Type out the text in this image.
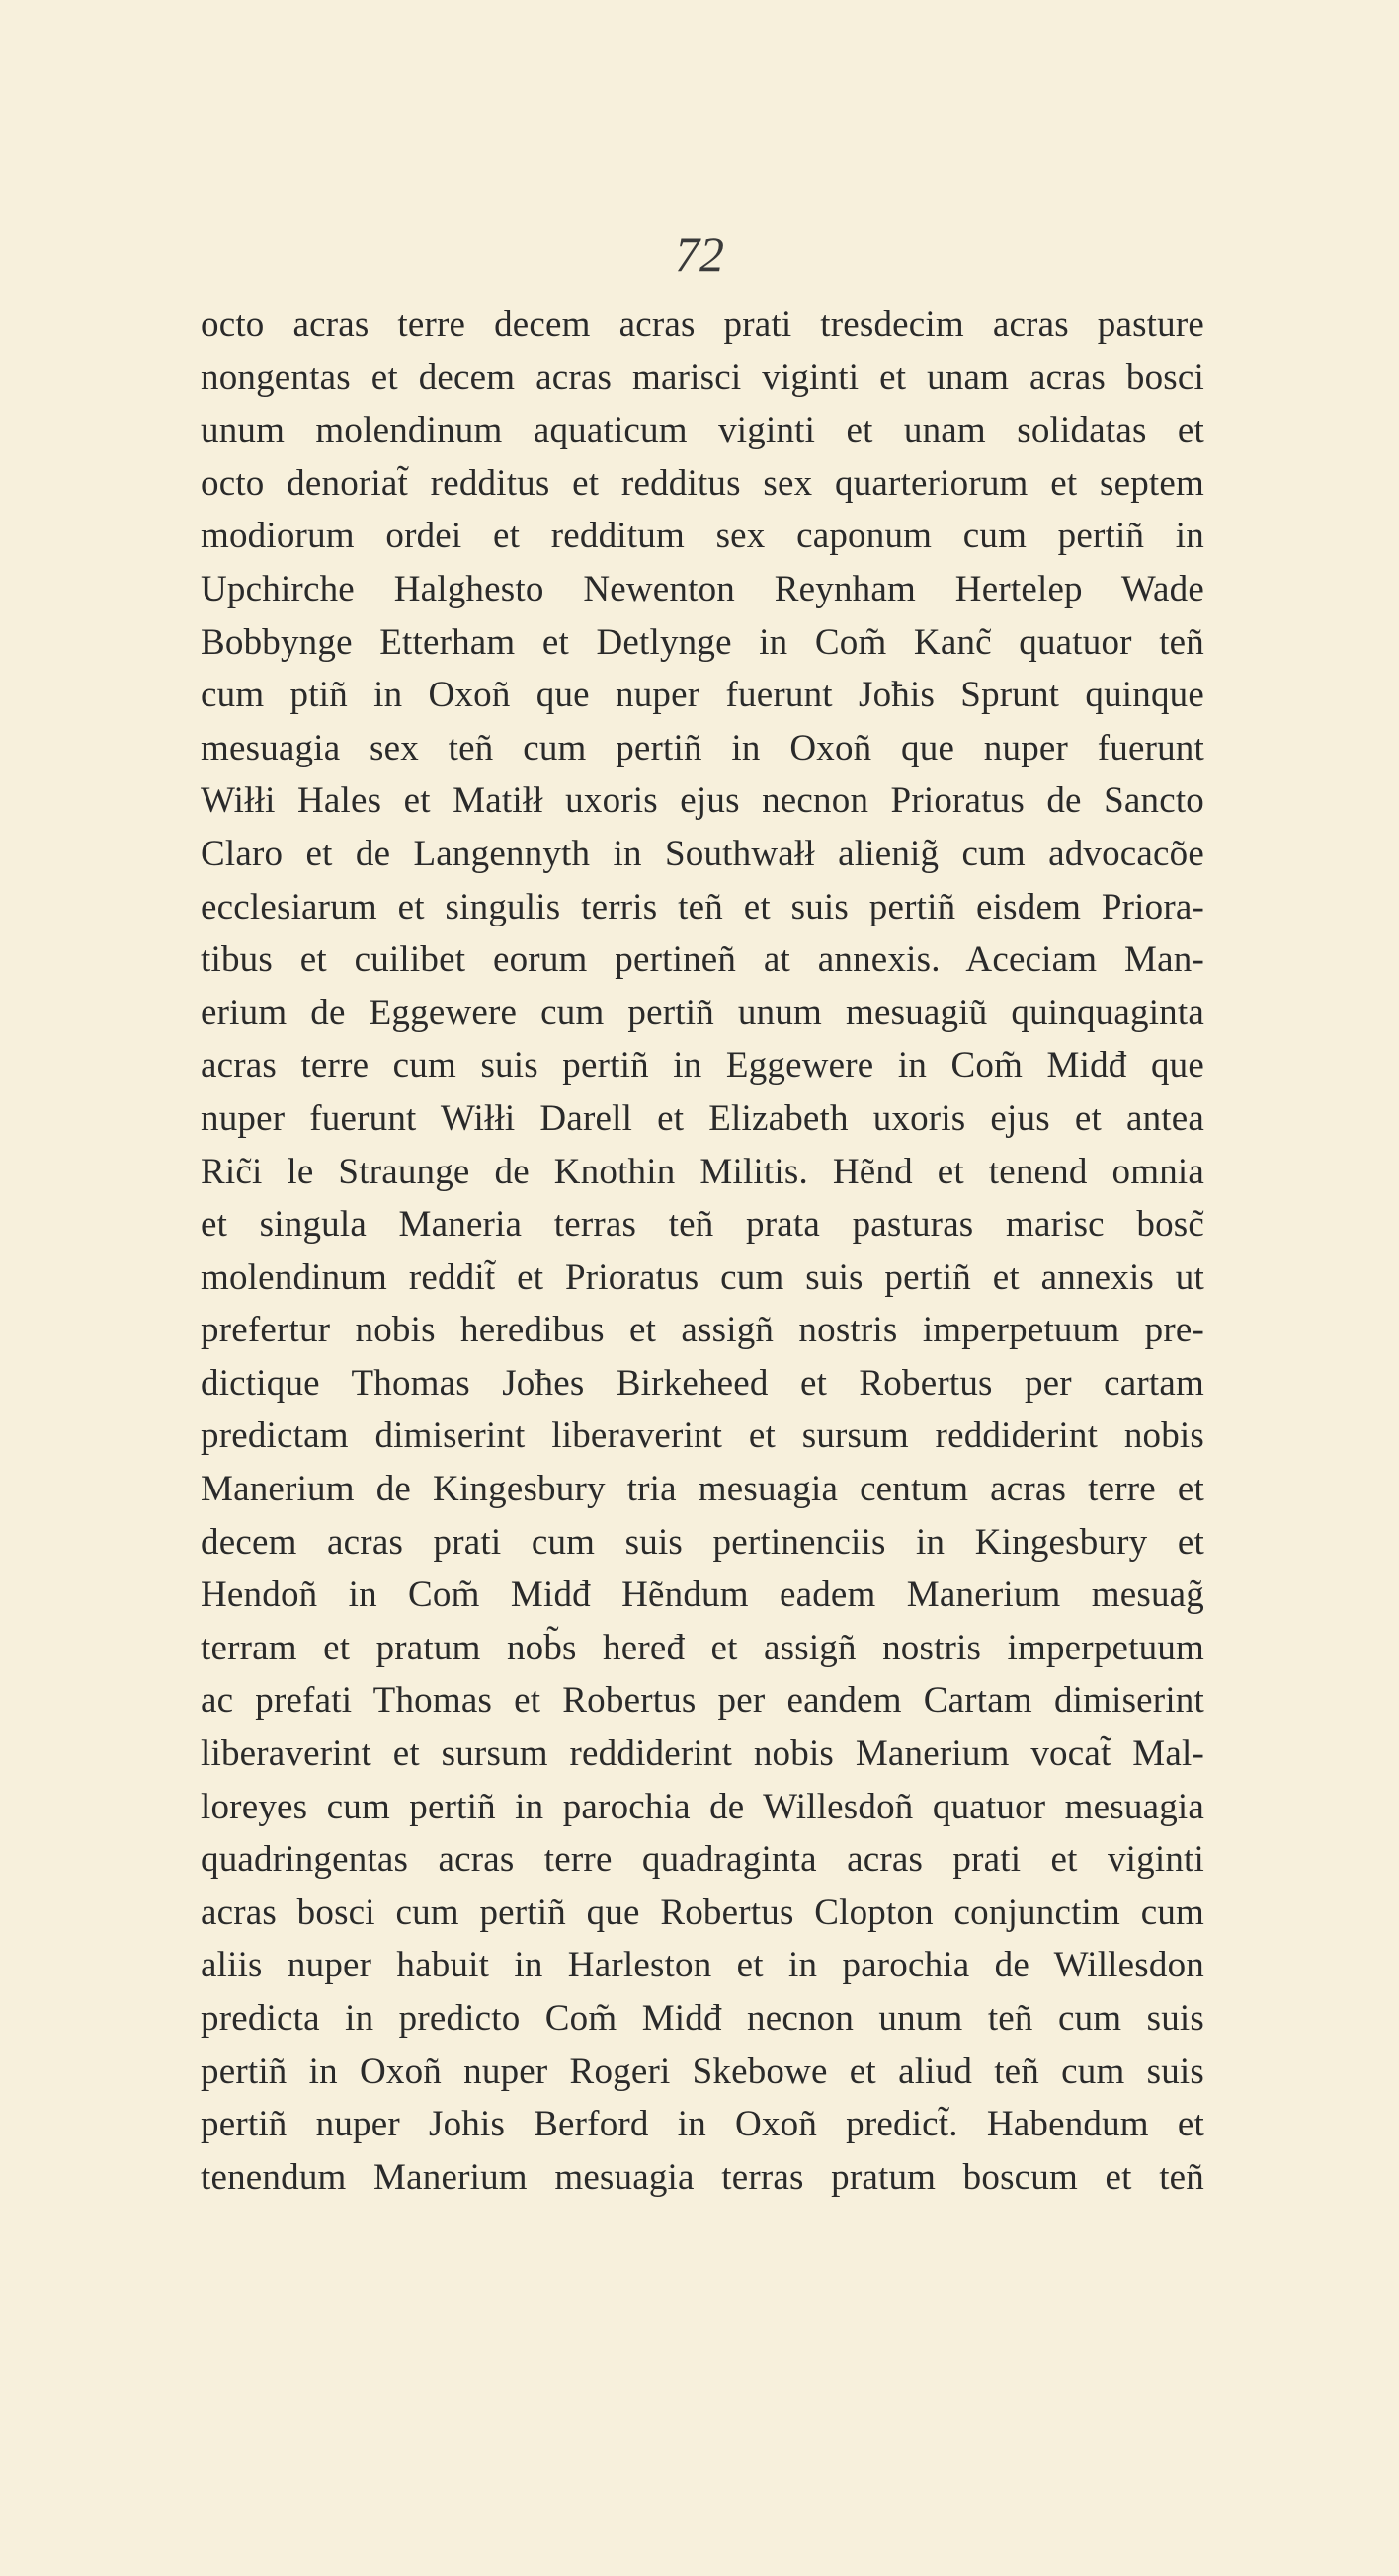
72
octo acras terre decem acras prati tresdecim acras pasture
nongentas et decem acras marisci viginti et unam acras bosci
unum molendinum aquaticum viginti et unam solidatas et
octo denoriat̃ redditus et redditus sex quarteriorum et septem
modiorum ordei et redditum sex caponum cum pertiñ in
Upchirche Halghesto Newenton Reynham Hertelep Wade
Bobbynge Etterham et Detlynge in Com̃ Kanc̃ quatuor teñ
cum ptiñ in Oxoñ que nuper fuerunt Joħis Sprunt quinque
mesuagia sex teñ cum pertiñ in Oxoñ que nuper fuerunt
Wiłłi Hales et Matiłł uxoris ejus necnon Prioratus de Sancto
Claro et de Langennyth in Southwałł alienig̃ cum advocacõe
ecclesiarum et singulis terris teñ et suis pertiñ eisdem Priora-
tibus et cuilibet eorum pertineñ at annexis. Aceciam Man-
erium de Eggewere cum pertiñ unum mesuagiũ quinquaginta
acras terre cum suis pertiñ in Eggewere in Com̃ Midđ que
nuper fuerunt Wiłłi Darell et Elizabeth uxoris ejus et antea
Ric̃i le Straunge de Knothin Militis. Hẽnd et tenend omnia
et singula Maneria terras teñ prata pasturas marisc bosc̃
molendinum reddit̃ et Prioratus cum suis pertiñ et annexis ut
prefertur nobis heredibus et assigñ nostris imperpetuum pre-
dictique Thomas Joħes Birkeheed et Robertus per cartam
predictam dimiserint liberaverint et sursum reddiderint nobis
Manerium de Kingesbury tria mesuagia centum acras terre et
decem acras prati cum suis pertinenciis in Kingesbury et
Hendoñ in Com̃ Midđ Hẽndum eadem Manerium mesuag̃
terram et pratum nob̃s heređ et assigñ nostris imperpetuum
ac prefati Thomas et Robertus per eandem Cartam dimiserint
liberaverint et sursum reddiderint nobis Manerium vocat̃ Mal-
loreyes cum pertiñ in parochia de Willesdoñ quatuor mesuagia
quadringentas acras terre quadraginta acras prati et viginti
acras bosci cum pertiñ que Robertus Clopton conjunctim cum
aliis nuper habuit in Harleston et in parochia de Willesdon
predicta in predicto Com̃ Midđ necnon unum teñ cum suis
pertiñ in Oxoñ nuper Rogeri Skebowe et aliud teñ cum suis
pertiñ nuper Johis Berford in Oxoñ predict̃. Habendum et
tenendum Manerium mesuagia terras pratum boscum et teñ
